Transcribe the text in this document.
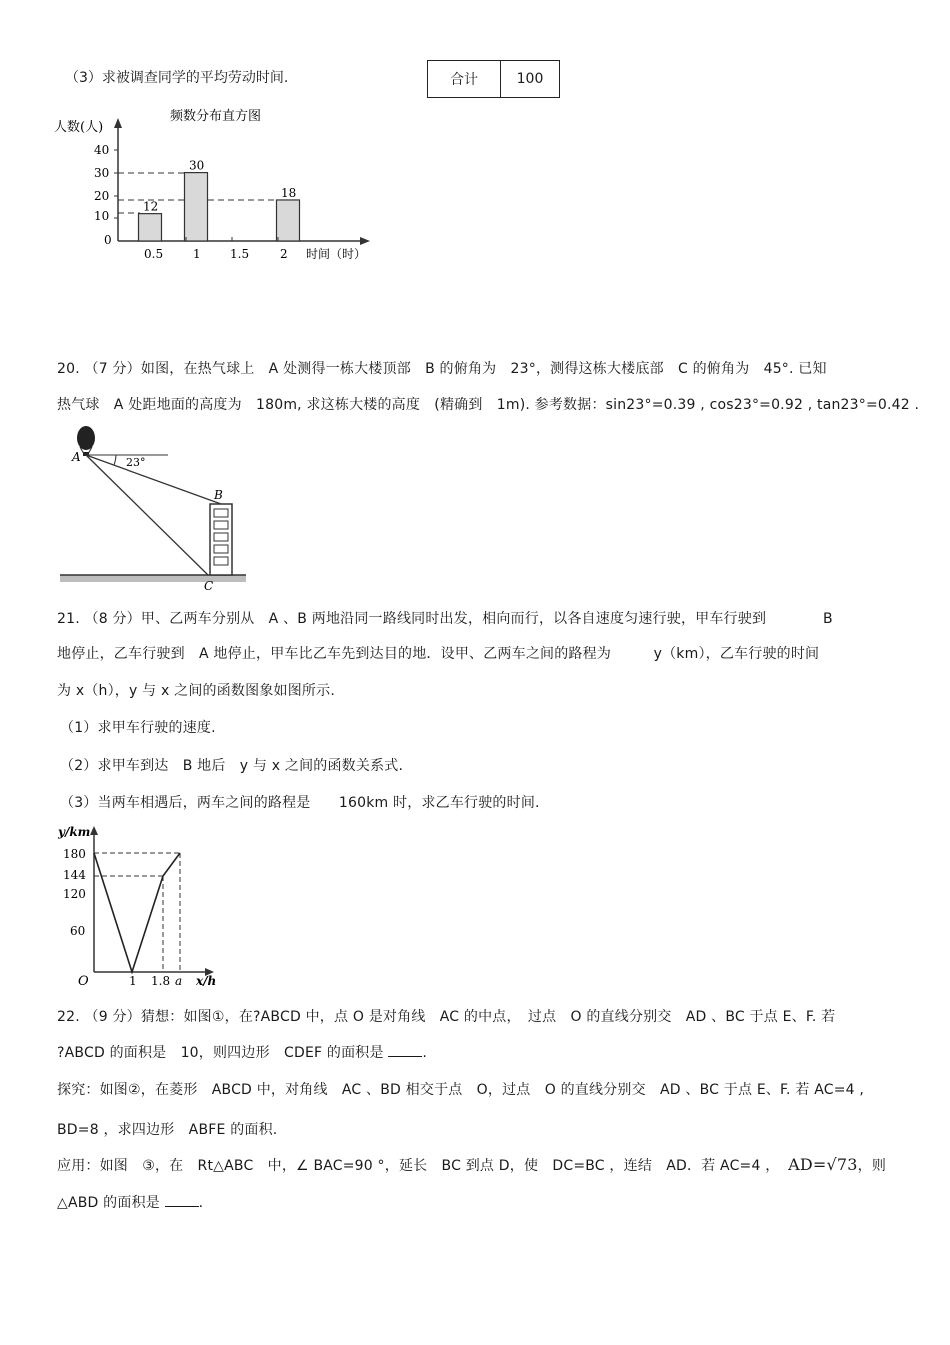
（3）求被调查同学的平均劳动时间.	合计	100
频数分布直方图
人数(人)
40
30
20
10
0
12
30
18
0.5 1 1.5	2 时间（时）
20. （7 分）如图，在热气球上　A 处测得一栋大楼顶部　B 的俯角为　23°，测得这栋大楼底部　C 的俯角为　45°. 已知
热气球　A 处距地面的高度为　180m, 求这栋大楼的高度　(精确到　1m). 参考数据：sin23°=0.39 , cos23°=0.92 , tan23°=0.42 .
23°
A
B
C
21. （8 分）甲、乙两车分别从　A 、B 两地沿同一路线同时出发，相向而行，以各自速度匀速行驶，甲车行驶到　　　　B
地停止，乙车行驶到　A 地停止，甲车比乙车先到达目的地．设甲、乙两车之间的路程为　　　y（km），乙车行驶的时间
为 x（h），y 与 x 之间的函数图象如图所示.
（1）求甲车行驶的速度.
（2）求甲车到达　B 地后　y 与 x 之间的函数关系式.
（3）当两车相遇后，两车之间的路程是　　160km 时，求乙车行驶的时间.
y/km
x/h
O
180
144
120
60
1 1.8 a
22. （9 分）猜想：如图①，在?ABCD 中，点 O 是对角线　AC 的中点，　过点　O 的直线分别交　AD 、BC 于点 E、F. 若
?ABCD 的面积是　10，则四边形　CDEF 的面积是	.
探究：如图②，在菱形　ABCD 中，对角线　AC 、BD 相交于点　O，过点　O 的直线分别交　AD 、BC 于点 E、F. 若 AC=4 ,
BD=8 ，求四边形　ABFE 的面积.
应用：如图　③，在　Rt△ABC　中，∠ BAC=90 °，延长　BC 到点 D，使　DC=BC ，连结　AD．若 AC=4 ， AD=√73，则
△ABD 的面积是	.
